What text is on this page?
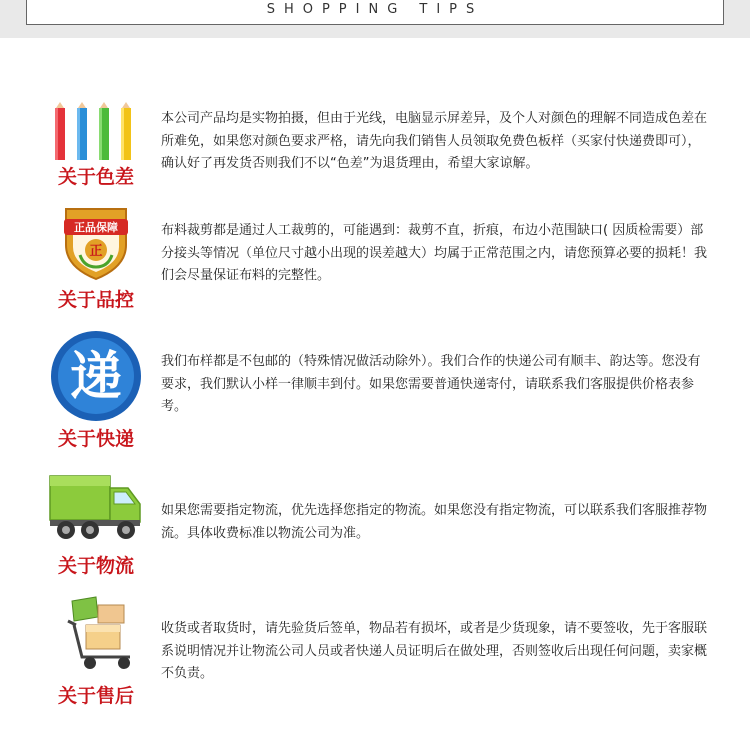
SHOPPING TIPS
关于色差
本公司产品均是实物拍摄，但由于光线，电脑显示屏差异，及个人对颜色的理解不同造成色差在所难免，如果您对颜色要求严格，请先向我们销售人员领取免费色板样（买家付快递费即可），确认好了再发货否则我们不以“色差”为退货理由，希望大家谅解。
正品保障
正
关于品控
布料裁剪都是通过人工裁剪的，可能遇到：裁剪不直，折痕，布边小范围缺口( 因质检需要）部分接头等情况（单位尺寸越小出现的误差越大）均属于正常范围之内，请您预算必要的损耗！我们会尽量保证布料的完整性。
递
关于快递
我们布样都是不包邮的（特殊情况做活动除外）。我们合作的快递公司有顺丰、韵达等。您没有要求，我们默认小样一律顺丰到付。如果您需要普通快递寄付，请联系我们客服提供价格表参考。
关于物流
如果您需要指定物流，优先选择您指定的物流。如果您没有指定物流，可以联系我们客服推荐物流。具体收费标准以物流公司为准。
关于售后
收货或者取货时，请先验货后签单，物品若有损坏，或者是少货现象，请不要签收，先于客服联系说明情况并让物流公司人员或者快递人员证明后在做处理，否则签收后出现任何问题，卖家概不负责。
